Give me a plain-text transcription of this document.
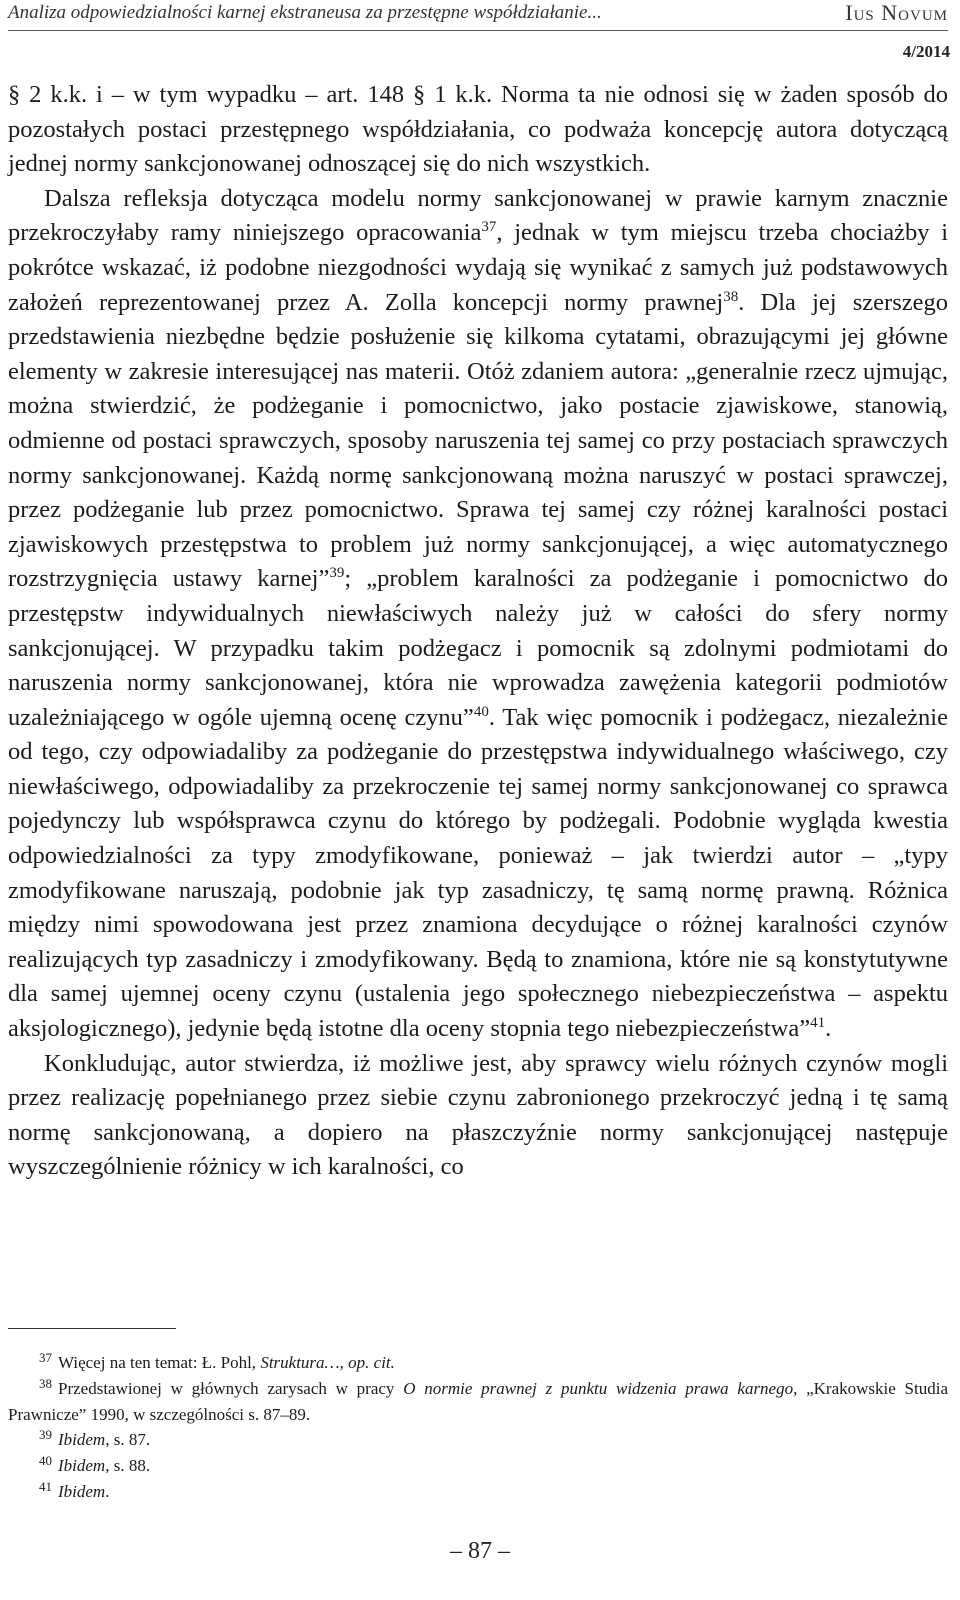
Analiza odpowiedzialności karnej ekstraneusa za przestępne współdziałanie...	Ius Novum
4/2014

§ 2 k.k. i – w tym wypadku – art. 148 § 1 k.k. Norma ta nie odnosi się w żaden sposób do pozostałych postaci przestępnego współdziałania, co podważa koncepcję autora dotyczącą jednej normy sankcjonowanej odnoszącej się do nich wszystkich.

Dalsza refleksja dotycząca modelu normy sankcjonowanej w prawie karnym znacznie przekroczyłaby ramy niniejszego opracowania$^{37}$, jednak w tym miejscu trzeba chociażby i pokrótce wskazać, iż podobne niezgodności wydają się wynikać z samych już podstawowych założeń reprezentowanej przez A. Zolla koncepcji normy prawnej$^{38}$. Dla jej szerszego przedstawienia niezbędne będzie posłużenie się kilkoma cytatami, obrazującymi jej główne elementy w zakresie interesującej nas materii. Otóż zdaniem autora: „generalnie rzecz ujmując, można stwierdzić, że podżeganie i pomocnictwo, jako postacie zjawiskowe, stanowią, odmienne od postaci sprawczych, sposoby naruszenia tej samej co przy postaciach sprawczych normy sankcjonowanej. Każdą normę sankcjonowaną można naruszyć w postaci sprawczej, przez podżeganie lub przez pomocnictwo. Sprawa tej samej czy różnej karalności postaci zjawiskowych przestępstwa to problem już normy sankcjonującej, a więc automatycznego rozstrzygnięcia ustawy karnej”$^{39}$; „problem karalności za podżeganie i pomocnictwo do przestępstw indywidualnych niewłaściwych należy już w całości do sfery normy sankcjonującej. W przypadku takim podżegacz i pomocnik są zdolnymi podmiotami do naruszenia normy sankcjonowanej, która nie wprowadza zawężenia kategorii podmiotów uzależniającego w ogóle ujemną ocenę czynu”$^{40}$. Tak więc pomocnik i podżegacz, niezależnie od tego, czy odpowiadaliby za podżeganie do przestępstwa indywidualnego właściwego, czy niewłaściwego, odpowiadaliby za przekroczenie tej samej normy sankcjonowanej co sprawca pojedynczy lub współsprawca czynu do którego by podżegali. Podobnie wygląda kwestia odpowiedzialności za typy zmodyfikowane, ponieważ – jak twierdzi autor – „typy zmodyfikowane naruszają, podobnie jak typ zasadniczy, tę samą normę prawną. Różnica między nimi spowodowana jest przez znamiona decydujące o różnej karalności czynów realizujących typ zasadniczy i zmodyfikowany. Będą to znamiona, które nie są konstytutywne dla samej ujemnej oceny czynu (ustalenia jego społecznego niebezpieczeństwa – aspektu aksjologicznego), jedynie będą istotne dla oceny stopnia tego niebezpieczeństwa”$^{41}$.

Konkludując, autor stwierdza, iż możliwe jest, aby sprawcy wielu różnych czynów mogli przez realizację popełnianego przez siebie czynu zabronionego przekroczyć jedną i tę samą normę sankcjonowaną, a dopiero na płaszczyźnie normy sankcjonującej następuje wyszczególnienie różnicy w ich karalności, co

$^{37}$ Więcej na ten temat: Ł. Pohl, Struktura…, op. cit.

$^{38}$ Przedstawionej w głównych zarysach w pracy O normie prawnej z punktu widzenia prawa karnego, „Krakowskie Studia Prawnicze” 1990, w szczególności s. 87–89.

$^{39}$ Ibidem, s. 87.

$^{40}$ Ibidem, s. 88.

$^{41}$ Ibidem.

– 87 –
